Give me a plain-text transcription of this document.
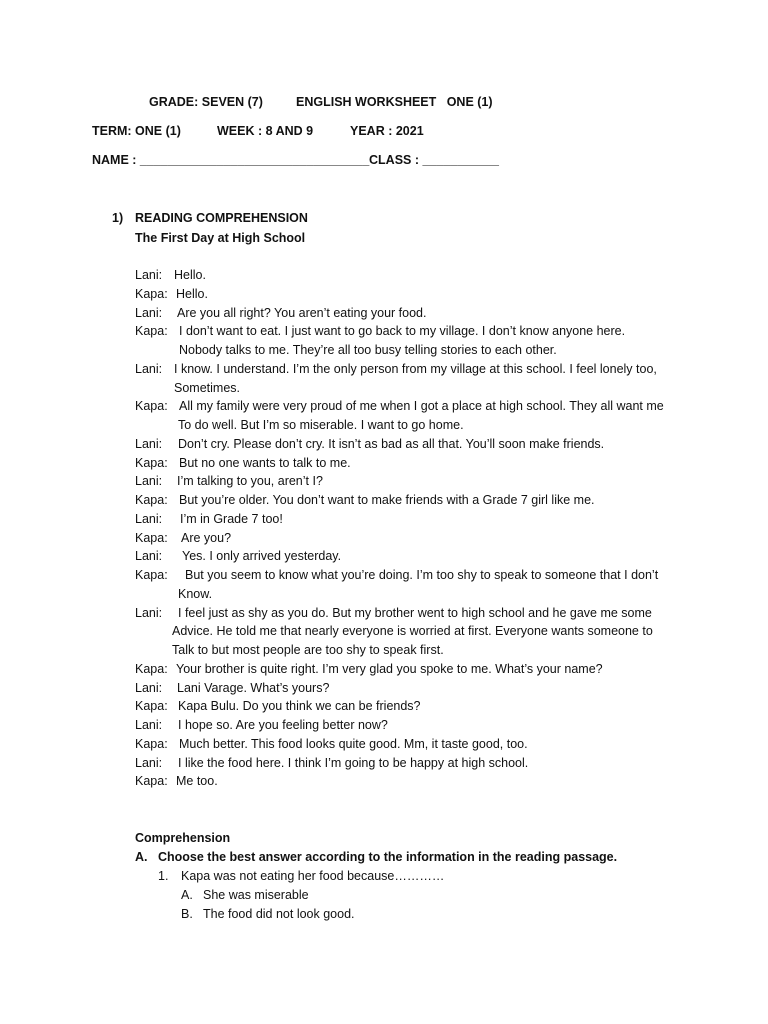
GRADE: SEVEN (7)	ENGLISH WORKSHEET   ONE (1)
TERM: ONE (1)	WEEK : 8 AND 9	YEAR : 2021
NAME : _________________________________ CLASS : ___________
1) READING COMPREHENSION
The First Day at High School
Lani: Hello.
Kapa: Hello.
Lani: Are you all right? You aren’t eating your food.
Kapa: I don’t want to eat. I just want to go back to my village. I don’t know anyone here.
Nobody talks to me. They’re all too busy telling stories to each other.
Lani: I know. I understand. I’m the only person from my village at this school. I feel lonely too,
Sometimes.
Kapa: All my family were very proud of me when I got a place at high school. They all want me
To do well. But I’m so miserable. I want to go home.
Lani: Don’t cry. Please don’t cry. It isn’t as bad as all that. You’ll soon make friends.
Kapa: But no one wants to talk to me.
Lani: I’m talking to you, aren’t I?
Kapa: But you’re older. You don’t want to make friends with a Grade 7 girl like me.
Lani: I’m in Grade 7 too!
Kapa: Are you?
Lani: Yes. I only arrived yesterday.
Kapa: But you seem to know what you’re doing. I’m too shy to speak to someone that I don’t
Know.
Lani: I feel just as shy as you do. But my brother went to high school and he gave me some
Advice. He told me that nearly everyone is worried at first. Everyone wants someone to
Talk to but most people are too shy to speak first.
Kapa: Your brother is quite right. I’m very glad you spoke to me. What’s your name?
Lani: Lani Varage. What’s yours?
Kapa: Kapa Bulu. Do you think we can be friends?
Lani: I hope so. Are you feeling better now?
Kapa: Much better. This food looks quite good. Mm, it taste good, too.
Lani: I like the food here. I think I’m going to be happy at high school.
Kapa: Me too.
Comprehension
A. Choose the best answer according to the information in the reading passage.
1. Kapa was not eating her food because…………
A. She was miserable
B. The food did not look good.
